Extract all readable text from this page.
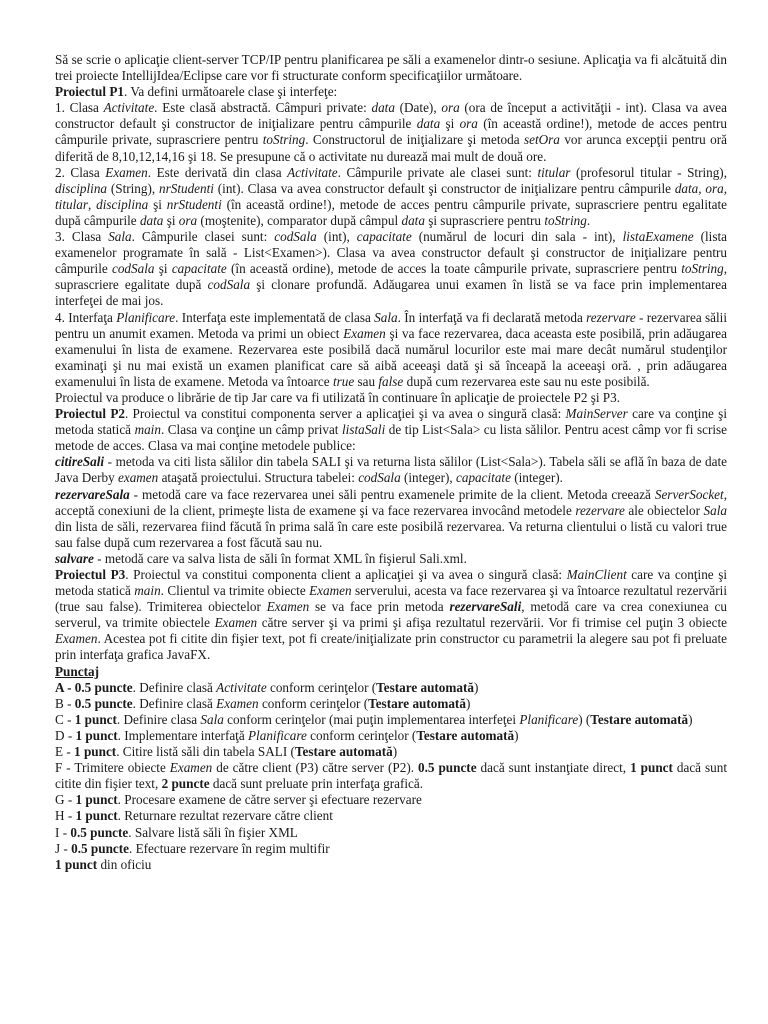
Să se scrie o aplicaţie client-server TCP/IP pentru planificarea pe săli a examenelor dintr-o sesiune. Aplicaţia va fi alcătuită din trei proiecte IntellijIdea/Eclipse care vor fi structurate conform specificaţiilor următoare.

Proiectul P1. Va defini următoarele clase şi interfeţe:

1. Clasa Activitate. Este clasă abstractă. Câmpuri private: data (Date), ora (ora de început a activităţii - int). Clasa va avea constructor default şi constructor de iniţializare pentru câmpurile data şi ora (în această ordine!), metode de acces pentru câmpurile private, suprascriere pentru toString. Constructorul de iniţializare şi metoda setOra vor arunca excepţii pentru oră diferită de 8,10,12,14,16 şi 18. Se presupune că o activitate nu durează mai mult de două ore.

2. Clasa Examen. Este derivată din clasa Activitate. Câmpurile private ale clasei sunt: titular (profesorul titular - String), disciplina (String), nrStudenti (int). Clasa va avea constructor default şi constructor de iniţializare pentru câmpurile data, ora, titular, disciplina şi nrStudenti (în această ordine!), metode de acces pentru câmpurile private, suprascriere pentru egalitate după câmpurile data şi ora (moştenite), comparator după câmpul data şi suprascriere pentru toString.

3. Clasa Sala. Câmpurile clasei sunt: codSala (int), capacitate (numărul de locuri din sala - int), listaExamene (lista examenelor programate în sală - List<Examen>). Clasa va avea constructor default şi constructor de iniţializare pentru câmpurile codSala şi capacitate (în această ordine), metode de acces la toate câmpurile private, suprascriere pentru toString, suprascriere egalitate după codSala şi clonare profundă. Adăugarea unui examen în listă se va face prin implementarea interfeţei de mai jos.

4. Interfaţa Planificare. Interfaţa este implementată de clasa Sala. În interfaţă va fi declarată metoda rezervare - rezervarea sălii pentru un anumit examen. Metoda va primi un obiect Examen şi va face rezervarea, daca aceasta este posibilă, prin adăugarea examenului în lista de examene. Rezervarea este posibilă dacă numărul locurilor este mai mare decât numărul studenţilor examinaţi şi nu mai există un examen planificat care să aibă aceeaşi dată şi să înceapă la aceeaşi oră. , prin adăugarea examenului în lista de examene. Metoda va întoarce true sau false după cum rezervarea este sau nu este posibilă.

Proiectul va produce o librărie de tip Jar care va fi utilizată în continuare în aplicaţie de proiectele P2 şi P3.

Proiectul P2. Proiectul va constitui componenta server a aplicaţiei şi va avea o singură clasă: MainServer care va conţine şi metoda statică main. Clasa va conţine un câmp privat listaSali de tip List<Sala> cu lista sălilor. Pentru acest câmp vor fi scrise metode de acces. Clasa va mai conţine metodele publice:

citireSali - metoda va citi lista sălilor din tabela SALI şi va returna lista sălilor (List<Sala>). Tabela săli se află în baza de date Java Derby examen ataşată proiectului. Structura tabelei: codSala (integer), capacitate (integer).

rezervareSala - metodă care va face rezervarea unei săli pentru examenele primite de la client. Metoda creează ServerSocket, acceptă conexiuni de la client, primeşte lista de examene şi va face rezervarea invocând metodele rezervare ale obiectelor Sala din lista de săli, rezervarea fiind făcută în prima sală în care este posibilă rezervarea. Va returna clientului o listă cu valori true sau false după cum rezervarea a fost făcută sau nu.

salvare - metodă care va salva lista de săli în format XML în fişierul Sali.xml.

Proiectul P3. Proiectul va constitui componenta client a aplicaţiei şi va avea o singură clasă: MainClient care va conţine şi metoda statică main. Clientul va trimite obiecte Examen serverului, acesta va face rezervarea şi va întoarce rezultatul rezervării (true sau false). Trimiterea obiectelor Examen se va face prin metoda rezervareSali, metodă care va crea conexiunea cu serverul, va trimite obiectele Examen către server şi va primi şi afişa rezultatul rezervării. Vor fi trimise cel puţin 3 obiecte Examen. Acestea pot fi citite din fişier text, pot fi create/iniţializate prin constructor cu parametrii la alegere sau pot fi preluate prin interfaţa grafica JavaFX.

Punctaj

A - 0.5 puncte. Definire clasă Activitate conform cerinţelor (Testare automată)

B - 0.5 puncte. Definire clasă Examen conform cerinţelor (Testare automată)

C - 1 punct. Definire clasa Sala conform cerinţelor (mai puţin implementarea interfeţei Planificare) (Testare automată)

D - 1 punct. Implementare interfaţă Planificare conform cerinţelor (Testare automată)

E - 1 punct. Citire listă săli din tabela SALI (Testare automată)

F - Trimitere obiecte Examen de către client (P3) către server (P2). 0.5 puncte dacă sunt instanţiate direct, 1 punct dacă sunt citite din fişier text, 2 puncte dacă sunt preluate prin interfaţa grafică.

G - 1 punct. Procesare examene de către server şi efectuare rezervare

H - 1 punct. Returnare rezultat rezervare către client

I - 0.5 puncte. Salvare listă săli în fişier XML

J - 0.5 puncte. Efectuare rezervare în regim multifir

1 punct din oficiu
